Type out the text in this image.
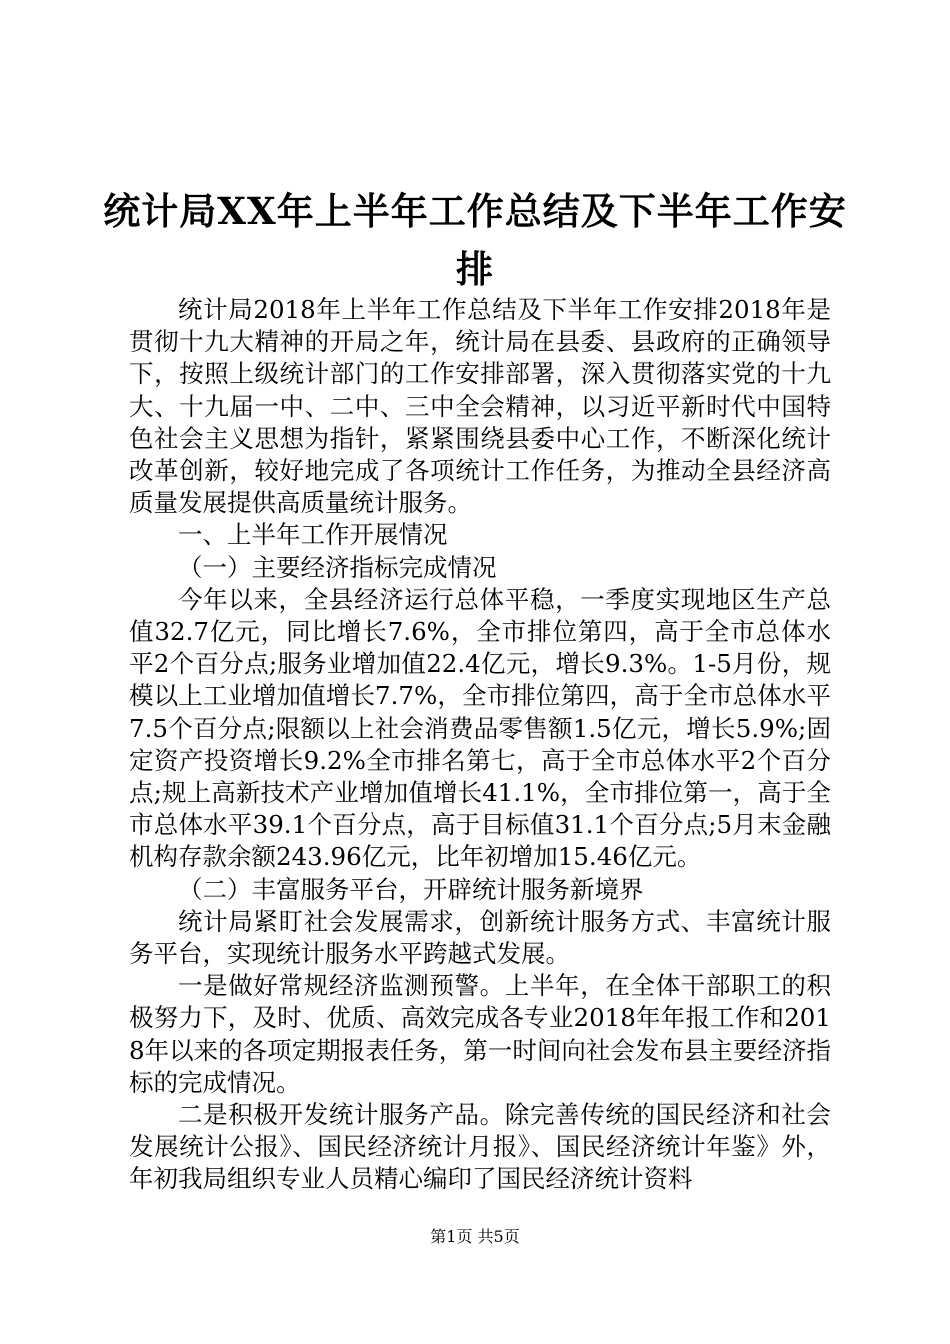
统计局XX年上半年工作总结及下半年工作安排

统计局2018年上半年工作总结及下半年工作安排2018年是贯彻十九大精神的开局之年，统计局在县委、县政府的正确领导下，按照上级统计部门的工作安排部署，深入贯彻落实党的十九大、十九届一中、二中、三中全会精神，以习近平新时代中国特色社会主义思想为指针，紧紧围绕县委中心工作，不断深化统计改革创新，较好地完成了各项统计工作任务，为推动全县经济高质量发展提供高质量统计服务。

一、上半年工作开展情况

（一）主要经济指标完成情况

今年以来，全县经济运行总体平稳，一季度实现地区生产总值32.7亿元，同比增长7.6%，全市排位第四，高于全市总体水平2个百分点;服务业增加值22.4亿元，增长9.3%。1-5月份，规模以上工业增加值增长7.7%，全市排位第四，高于全市总体水平7.5个百分点;限额以上社会消费品零售额1.5亿元，增长5.9%;固定资产投资增长9.2%全市排名第七，高于全市总体水平2个百分点;规上高新技术产业增加值增长41.1%，全市排位第一，高于全市总体水平39.1个百分点，高于目标值31.1个百分点;5月末金融机构存款余额243.96亿元，比年初增加15.46亿元。

（二）丰富服务平台，开辟统计服务新境界

统计局紧盯社会发展需求，创新统计服务方式、丰富统计服务平台，实现统计服务水平跨越式发展。

一是做好常规经济监测预警。上半年，在全体干部职工的积极努力下，及时、优质、高效完成各专业2018年年报工作和2018年以来的各项定期报表任务，第一时间向社会发布县主要经济指标的完成情况。

二是积极开发统计服务产品。除完善传统的国民经济和社会发展统计公报》、国民经济统计月报》、国民经济统计年鉴》外，年初我局组织专业人员精心编印了国民经济统计资料

第1页 共5页
